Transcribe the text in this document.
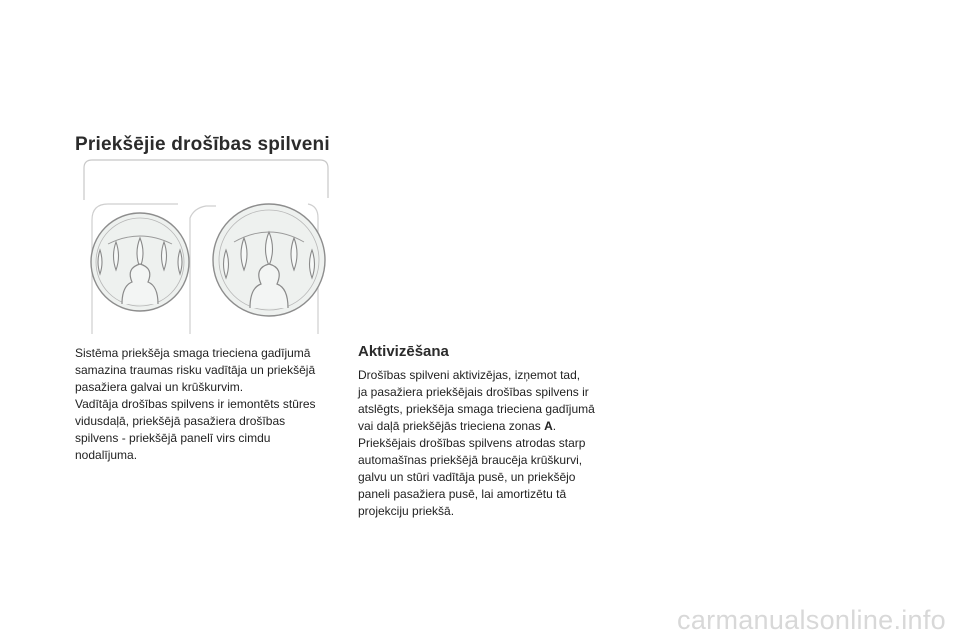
Priekšējie drošības spilveni

Sistēma priekšēja smaga trieciena gadījumā

samazina traumas risku vadītāja un priekšējā

pasažiera galvai un krūškurvim.

Vadītāja drošības spilvens ir iemontēts stūres

vidusdaļā, priekšējā pasažiera drošības

spilvens - priekšējā panelī virs cimdu

nodalījuma.

Aktivizēšana

Drošības spilveni aktivizējas, izņemot tad,

ja pasažiera priekšējais drošības spilvens ir

atslēgts, priekšēja smaga trieciena gadījumā

vai daļā priekšējās trieciena zonas A.

Priekšējais drošības spilvens atrodas starp

automašīnas priekšējā braucēja krūškurvi,

galvu un stūri vadītāja pusē, un priekšējo

paneli pasažiera pusē, lai amortizētu tā

projekciju priekšā.

carmanualsonline.info
